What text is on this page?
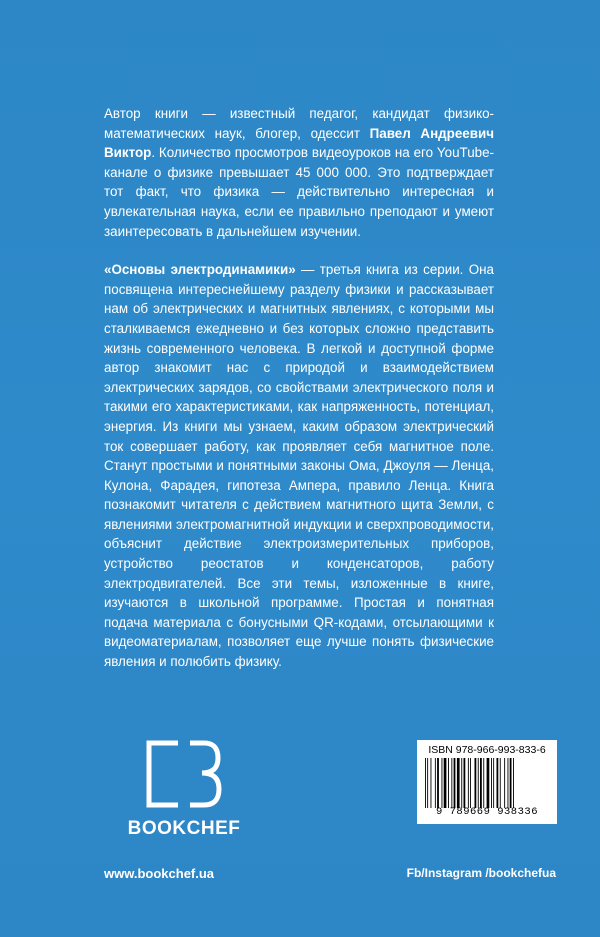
Автор книги — известный педагог, кандидат физико-математических наук, блогер, одессит Павел Андреевич Виктор. Количество просмотров видеоуроков на его YouTube-канале о физике превышает 45 000 000. Это подтверждает тот факт, что физика — действительно интересная и увлекательная наука, если ее правильно преподают и умеют заинтересовать в дальнейшем изучении.

«Основы электродинамики» — третья книга из серии. Она посвящена интереснейшему разделу физики и рассказывает нам об электрических и магнитных явлениях, с которыми мы сталкиваемся ежедневно и без которых сложно представить жизнь современного человека. В легкой и доступной форме автор знакомит нас с природой и взаимодействием электрических зарядов, со свойствами электрического поля и такими его характеристиками, как напряженность, потенциал, энергия. Из книги мы узнаем, каким образом электрический ток совершает работу, как проявляет себя магнитное поле. Станут простыми и понятными законы Ома, Джоуля — Ленца, Кулона, Фарадея, гипотеза Ампера, правило Ленца. Книга познакомит читателя с действием магнитного щита Земли, с явлениями электромагнитной индукции и сверхпроводимости, объяснит действие электроизмерительных приборов, устройство реостатов и конденсаторов, работу электродвигателей. Все эти темы, изложенные в книге, изучаются в школьной программе. Простая и понятная подача материала с бонусными QR-кодами, отсылающими к видеоматериалам, позволяет еще лучше понять физические явления и полюбить физику.

BOOKCHEF
www.bookchef.ua
ISBN 978-966-993-833-6
9 789669 938336
Fb/Instagram /bookchefua
